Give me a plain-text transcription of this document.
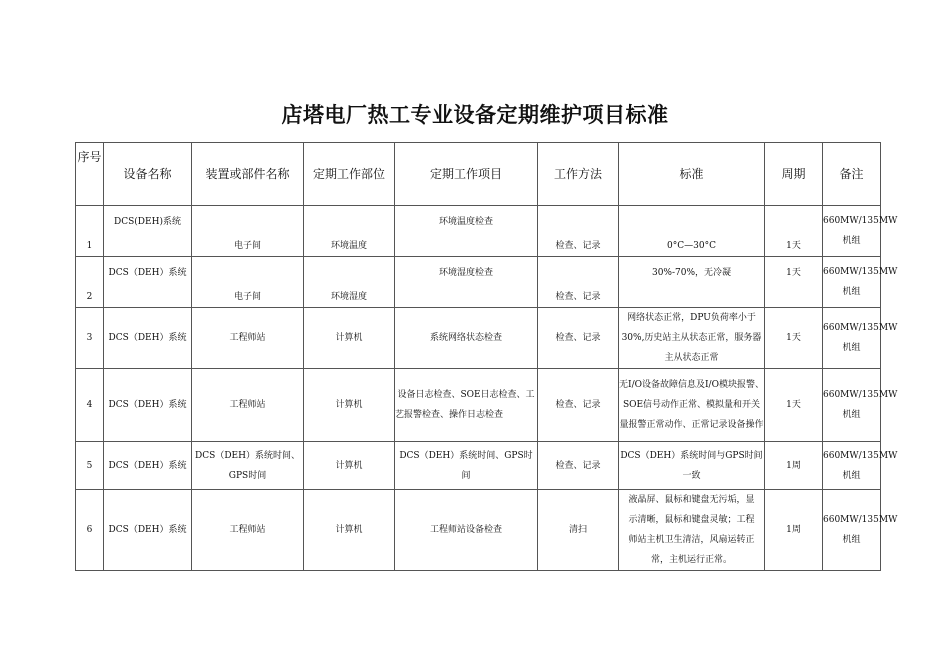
店塔电厂热工专业设备定期维护项目标准
序号	设备名称	装置或部件名称	定期工作部位	定期工作项目	工作方法	标准	周期	备注
1	DCS(DEH)系统	电子间	环境温度	环境温度检查	检查、记录	0°C—30°C	1天	660MW/135MW机组
2	DCS（DEH）系统	电子间	环境湿度	环境湿度检查	检查、记录	30%-70%，无冷凝	1天	660MW/135MW机组
3	DCS（DEH）系统	工程师站	计算机	系统网络状态检查	检查、记录	网络状态正常，DPU负荷率小于30%,历史站主从状态正常，服务器主从状态正常	1天	660MW/135MW机组
4	DCS（DEH）系统	工程师站	计算机	设备日志检查、SOE日志检查、工艺报警检查、操作日志检查	检查、记录	无I/O设备故障信息及I/O模块报警、SOE信号动作正常、模拟量和开关量报警正常动作、正常记录设备操作	1天	660MW/135MW机组
5	DCS（DEH）系统	DCS（DEH）系统时间、GPS时间	计算机	DCS（DEH）系统时间、GPS时间	检查、记录	DCS（DEH）系统时间与GPS时间一致	1周	660MW/135MW机组
6	DCS（DEH）系统	工程师站	计算机	工程师站设备检查	清扫	液晶屏、鼠标和键盘无污垢，显示清晰，鼠标和键盘灵敏；工程师站主机卫生清洁，风扇运转正常，主机运行正常。	1周	660MW/135MW机组
